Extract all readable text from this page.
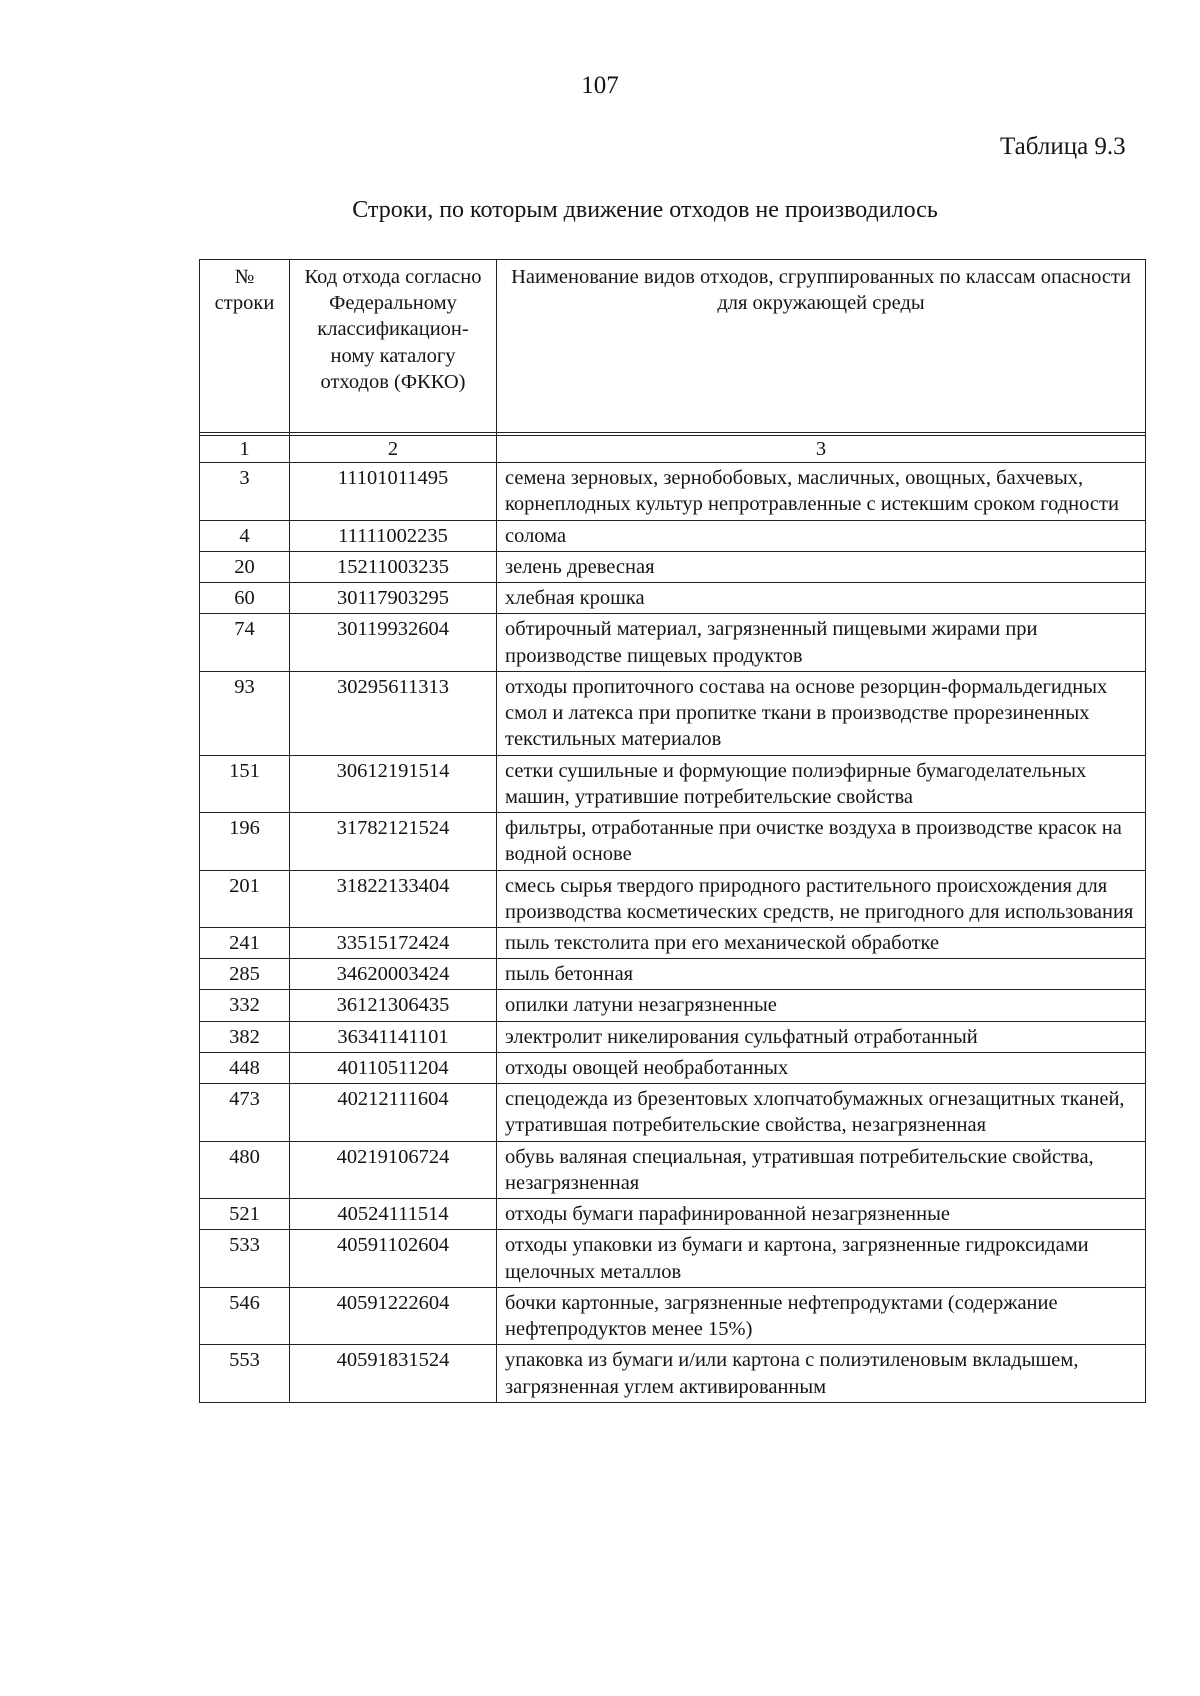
107
Таблица 9.3
Строки, по которым движение отходов не производилось
№ строки	Код отхода согласно Федеральному классификацион-ному каталогу отходов (ФККО)	Наименование видов отходов, сгруппированных по классам опасности для окружающей среды

1	2	3
3	11101011495	семена зерновых, зернобобовых, масличных, овощных, бахчевых, корнеплодных культур непротравленные с истекшим сроком годности
4	11111002235	солома
20	15211003235	зелень древесная
60	30117903295	хлебная крошка
74	30119932604	обтирочный материал, загрязненный пищевыми жирами при производстве пищевых продуктов
93	30295611313	отходы пропиточного состава на основе резорцин-формальдегидных смол и латекса при пропитке ткани в производстве прорезиненных текстильных материалов
151	30612191514	сетки сушильные и формующие полиэфирные бумагоделательных машин, утратившие потребительские свойства
196	31782121524	фильтры, отработанные при очистке воздуха в производстве красок на водной основе
201	31822133404	смесь сырья твердого природного растительного происхождения для производства косметических средств, не пригодного для использования
241	33515172424	пыль текстолита при его механической обработке
285	34620003424	пыль бетонная
332	36121306435	опилки латуни незагрязненные
382	36341141101	электролит никелирования сульфатный отработанный
448	40110511204	отходы овощей необработанных
473	40212111604	спецодежда из брезентовых хлопчатобумажных огнезащитных тканей, утратившая потребительские свойства, незагрязненная
480	40219106724	обувь валяная специальная, утратившая потребительские свойства, незагрязненная
521	40524111514	отходы бумаги парафинированной незагрязненные
533	40591102604	отходы упаковки из бумаги и картона, загрязненные гидроксидами щелочных металлов
546	40591222604	бочки картонные, загрязненные нефтепродуктами (содержание нефтепродуктов менее 15%)
553	40591831524	упаковка из бумаги и/или картона с полиэтиленовым вкладышем, загрязненная углем активированным
